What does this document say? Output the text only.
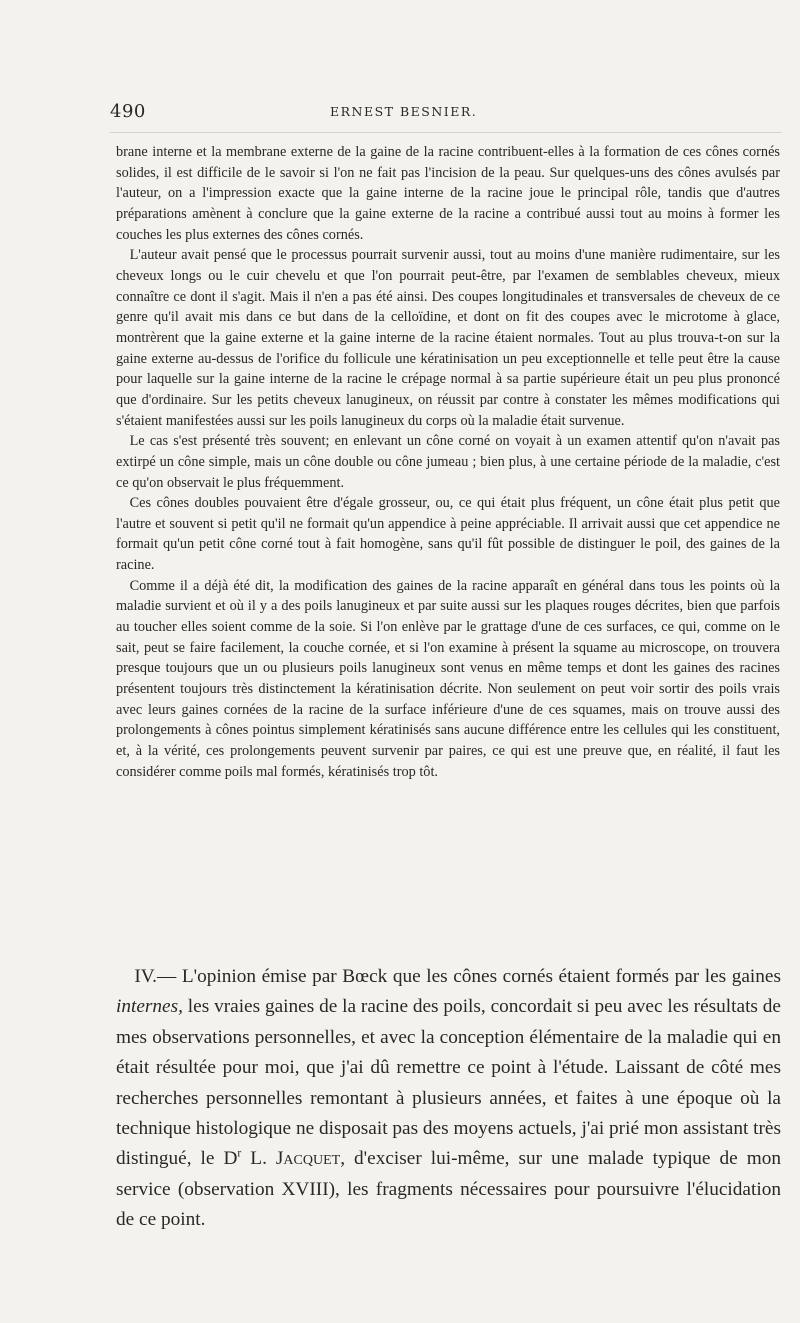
490	ERNEST BESNIER.

brane interne et la membrane externe de la gaine de la racine contribuent-elles à la formation de ces cônes cornés solides, il est difficile de le savoir si l'on ne fait pas l'incision de la peau. Sur quelques-uns des cônes avulsés par l'auteur, on a l'impression exacte que la gaine interne de la racine joue le principal rôle, tandis que d'autres préparations amènent à conclure que la gaine externe de la racine a contribué aussi tout au moins à former les couches les plus externes des cônes cornés.

L'auteur avait pensé que le processus pourrait survenir aussi, tout au moins d'une manière rudimentaire, sur les cheveux longs ou le cuir chevelu et que l'on pourrait peut-être, par l'examen de semblables cheveux, mieux connaître ce dont il s'agit. Mais il n'en a pas été ainsi. Des coupes longitudinales et transversales de cheveux de ce genre qu'il avait mis dans ce but dans de la celloïdine, et dont on fit des coupes avec le microtome à glace, montrèrent que la gaine externe et la gaine interne de la racine étaient normales. Tout au plus trouva-t-on sur la gaine externe au-dessus de l'orifice du follicule une kératinisation un peu exceptionnelle et telle peut être la cause pour laquelle sur la gaine interne de la racine le crépage normal à sa partie supérieure était un peu plus prononcé que d'ordinaire. Sur les petits cheveux lanugineux, on réussit par contre à constater les mêmes modifications qui s'étaient manifestées aussi sur les poils lanugineux du corps où la maladie était survenue.

Le cas s'est présenté très souvent; en enlevant un cône corné on voyait à un examen attentif qu'on n'avait pas extirpé un cône simple, mais un cône double ou cône jumeau ; bien plus, à une certaine période de la maladie, c'est ce qu'on observait le plus fréquemment.

Ces cônes doubles pouvaient être d'égale grosseur, ou, ce qui était plus fréquent, un cône était plus petit que l'autre et souvent si petit qu'il ne formait qu'un appendice à peine appréciable. Il arrivait aussi que cet appendice ne formait qu'un petit cône corné tout à fait homogène, sans qu'il fût possible de distinguer le poil, des gaines de la racine.

Comme il a déjà été dit, la modification des gaines de la racine apparaît en général dans tous les points où la maladie survient et où il y a des poils lanugineux et par suite aussi sur les plaques rouges décrites, bien que parfois au toucher elles soient comme de la soie. Si l'on enlève par le grattage d'une de ces surfaces, ce qui, comme on le sait, peut se faire facilement, la couche cornée, et si l'on examine à présent la squame au microscope, on trouvera presque toujours que un ou plusieurs poils lanugineux sont venus en même temps et dont les gaines des racines présentent toujours très distinctement la kératinisation décrite. Non seulement on peut voir sortir des poils vrais avec leurs gaines cornées de la racine de la surface inférieure d'une de ces squames, mais on trouve aussi des prolongements à cônes pointus simplement kératinisés sans aucune différence entre les cellules qui les constituent, et, à la vérité, ces prolongements peuvent survenir par paires, ce qui est une preuve que, en réalité, il faut les considérer comme poils mal formés, kératinisés trop tôt.

IV.— L'opinion émise par Bœck que les cônes cornés étaient formés par les gaines internes, les vraies gaines de la racine des poils, concordait si peu avec les résultats de mes observations personnelles, et avec la conception élémentaire de la maladie qui en était résultée pour moi, que j'ai dû remettre ce point à l'étude. Laissant de côté mes recherches personnelles remontant à plusieurs années, et faites à une époque où la technique histologique ne disposait pas des moyens actuels, j'ai prié mon assistant très distingué, le $D^r$ L. Jacquet, d'exciser lui-même, sur une malade typique de mon service (observation XVIII), les fragments nécessaires pour poursuivre l'élucidation de ce point.
